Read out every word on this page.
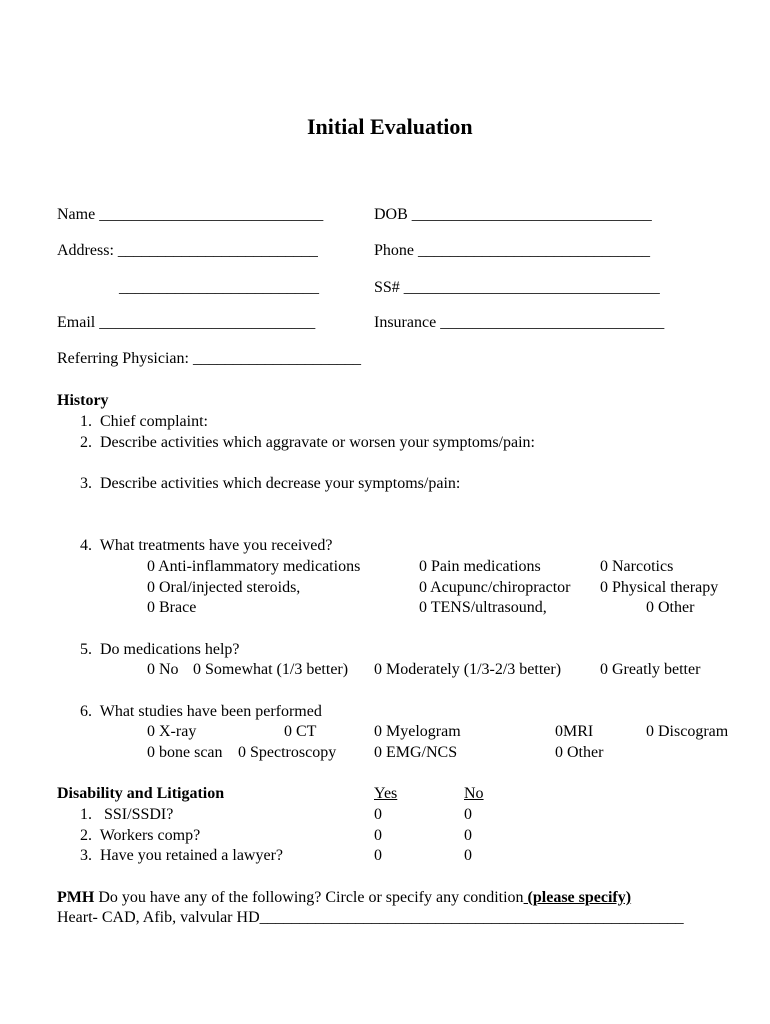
Initial Evaluation
Name ____________________________	DOB ______________________________
Address: _________________________	Phone _____________________________
_________________________	SS# ________________________________
Email ___________________________	Insurance ____________________________
Referring Physician: _____________________
History
1.  Chief complaint:
2.  Describe activities which aggravate or worsen your symptoms/pain:
3.  Describe activities which decrease your symptoms/pain:
4.  What treatments have you received?
0 Anti-inflammatory medications	0 Pain medications	0 Narcotics
0 Oral/injected steroids,	0 Acupunc/chiropractor 0 Physical therapy
0 Brace	0 TENS/ultrasound,	0 Other
5.  Do medications help?
0 No 0 Somewhat (1/3 better) 0 Moderately (1/3-2/3 better) 0 Greatly better
6.  What studies have been performed
0 X-ray	0 CT	0 Myelogram	0MRI	0 Discogram
0 bone scan 0 Spectroscopy 0 EMG/NCS	0 Other
Disability and Litigation	Yes	No
1.   SSI/SSDI?	0	0
2.  Workers comp?	0	0
3.  Have you retained a lawyer?	0	0
PMH Do you have any of the following? Circle or specify any condition (please specify)
Heart- CAD, Afib, valvular HD_____________________________________________________
